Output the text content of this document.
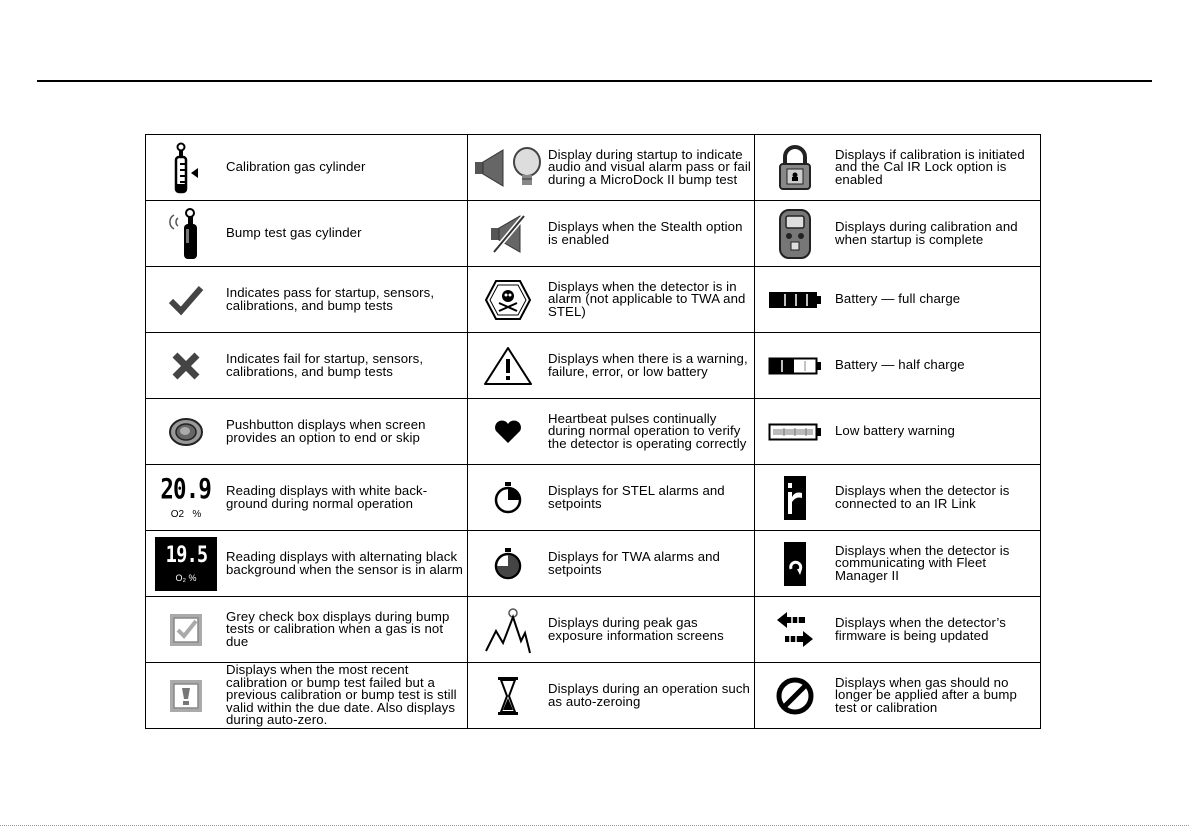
Calibration gas cylinder	Display during startup to indicate audio and visual alarm pass or fail during a MicroDock II bump test	Displays if calibration is initiated and the Cal IR Lock option is enabled

Bump test gas cylinder	Displays when the Stealth option is enabled	Displays during calibration and when startup is complete

Indicates pass for startup, sensors, calibrations, and bump tests	Displays when the detector is in alarm (not applicable to TWA and STEL)	Battery — full charge

Indicates fail for startup, sensors, calibrations, and bump tests	Displays when there is a warning, failure, error, or low battery	Battery — half charge

Pushbutton displays when screen provides an option to end or skip	Heartbeat pulses continually during normal operation to verify the detector is operating correctly	Low battery warning

20.9
O2   %
Reading displays with white back-ground during normal operation	Displays for STEL alarms and setpoints	Displays when the detector is connected to an IR Link

19.5
O₂ %
Reading displays with alternating black background when the sensor is in alarm	Displays for TWA alarms and setpoints	Displays when the detector is communicating with Fleet Manager II

Grey check box displays during bump tests or calibration when a gas is not due	Displays during peak gas exposure information screens	Displays when the detector’s firmware is being updated

Displays when the most recent calibration or bump test failed but a previous calibration or bump test is still valid within the due date. Also displays during auto-zero.	Displays during an operation such as auto-zeroing	Displays when gas should no longer be applied after a bump test or calibration
